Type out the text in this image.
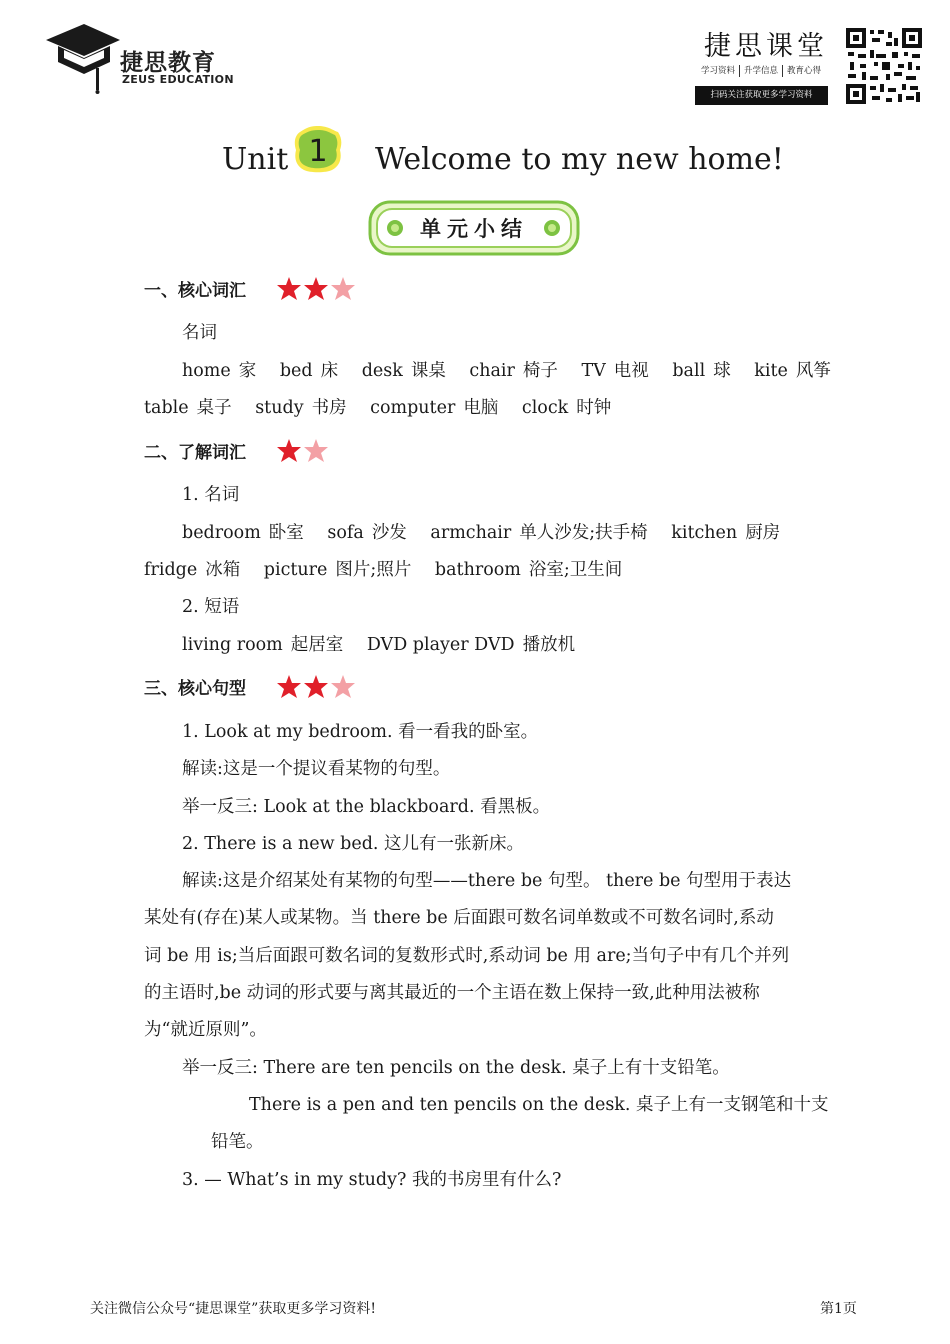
捷思教育
ZEUS EDUCATION
捷思课堂
学习资料	升学信息	教育心得
扫码关注获取更多学习资料
Unit 1 Welcome to my new home!
单元小结
一、核心词汇
名词
home 家 bed 床 desk 课桌 chair 椅子 TV 电视 ball 球 kite 风筝
table 桌子 study 书房 computer 电脑 clock 时钟
二、了解词汇
1. 名词
bedroom 卧室 sofa 沙发 armchair 单人沙发;扶手椅 kitchen 厨房
fridge 冰箱 picture 图片;照片 bathroom 浴室;卫生间
2. 短语
living room 起居室 DVD player DVD 播放机
三、核心句型
1. Look at my bedroom. 看一看我的卧室。
解读:这是一个提议看某物的句型。
举一反三: Look at the blackboard. 看黑板。
2. There is a new bed. 这儿有一张新床。
解读:这是介绍某处有某物的句型——there be 句型。 there be 句型用于表达
某处有(存在)某人或某物。当 there be 后面跟可数名词单数或不可数名词时,系动
词 be 用 is;当后面跟可数名词的复数形式时,系动词 be 用 are;当句子中有几个并列
的主语时,be 动词的形式要与离其最近的一个主语在数上保持一致,此种用法被称
为“就近原则”。
举一反三: There are ten pencils on the desk. 桌子上有十支铅笔。
There is a pen and ten pencils on the desk. 桌子上有一支钢笔和十支
铅笔。
3. — What’s in my study? 我的书房里有什么?
关注微信公众号“捷思课堂”获取更多学习资料!	第1页
